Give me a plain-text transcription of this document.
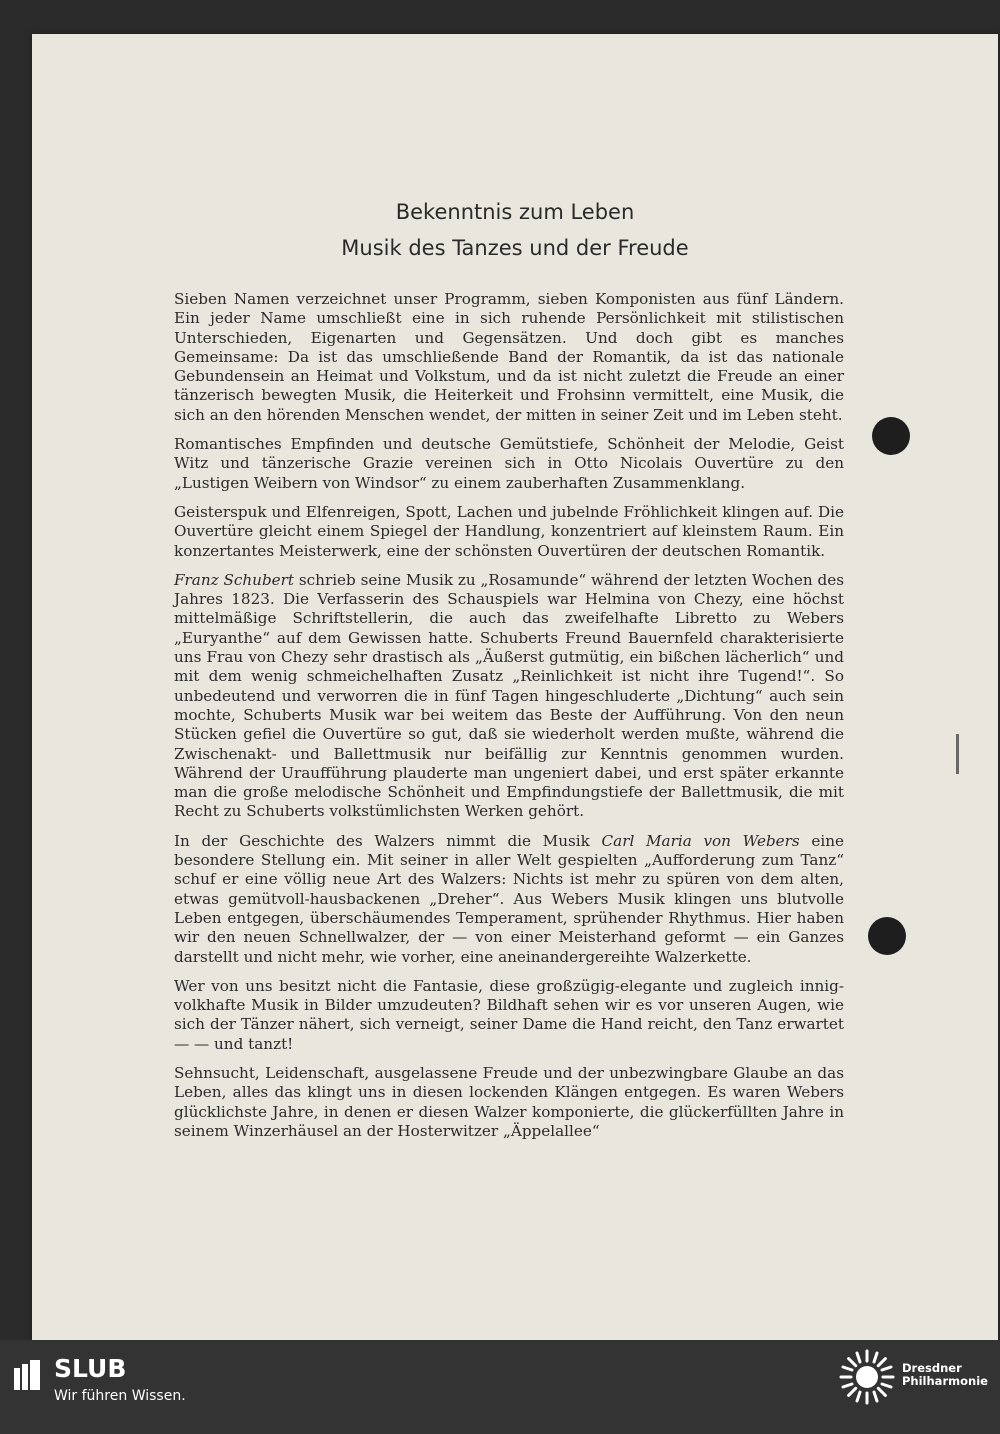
Bekenntnis zum Leben
Musik des Tanzes und der Freude

Sieben Namen verzeichnet unser Programm, sieben Komponisten aus fünf Ländern. Ein jeder Name umschließt eine in sich ruhende Persönlichkeit mit stilistischen Unterschieden, Eigenarten und Gegensätzen. Und doch gibt es manches Gemeinsame: Da ist das umschließende Band der Romantik, da ist das nationale Gebundensein an Heimat und Volkstum, und da ist nicht zuletzt die Freude an einer tänzerisch bewegten Musik, die Heiterkeit und Frohsinn vermittelt, eine Musik, die sich an den hörenden Menschen wendet, der mitten in seiner Zeit und im Leben steht.

Romantisches Empfinden und deutsche Gemütstiefe, Schönheit der Melodie, Geist Witz und tänzerische Grazie vereinen sich in Otto Nicolais Ouvertüre zu den „Lustigen Weibern von Windsor“ zu einem zauberhaften Zusammenklang.

Geisterspuk und Elfenreigen, Spott, Lachen und jubelnde Fröhlichkeit klingen auf. Die Ouvertüre gleicht einem Spiegel der Handlung, konzentriert auf kleinstem Raum. Ein konzertantes Meisterwerk, eine der schönsten Ouvertüren der deutschen Romantik.

Franz Schubert schrieb seine Musik zu „Rosamunde“ während der letzten Wochen des Jahres 1823. Die Verfasserin des Schauspiels war Helmina von Chezy, eine höchst mittelmäßige Schriftstellerin, die auch das zweifelhafte Libretto zu Webers „Euryanthe“ auf dem Gewissen hatte. Schuberts Freund Bauernfeld charakterisierte uns Frau von Chezy sehr drastisch als „Äußerst gutmütig, ein bißchen lächerlich“ und mit dem wenig schmeichelhaften Zusatz „Reinlichkeit ist nicht ihre Tugend!“. So unbedeutend und verworren die in fünf Tagen hingeschluderte „Dichtung“ auch sein mochte, Schuberts Musik war bei weitem das Beste der Aufführung. Von den neun Stücken gefiel die Ouvertüre so gut, daß sie wiederholt werden mußte, während die Zwischenakt- und Ballettmusik nur beifällig zur Kenntnis genommen wurden. Während der Uraufführung plauderte man ungeniert dabei, und erst später erkannte man die große melodische Schönheit und Empfindungstiefe der Ballettmusik, die mit Recht zu Schuberts volkstümlichsten Werken gehört.

In der Geschichte des Walzers nimmt die Musik Carl Maria von Webers eine besondere Stellung ein. Mit seiner in aller Welt gespielten „Aufforderung zum Tanz“ schuf er eine völlig neue Art des Walzers: Nichts ist mehr zu spüren von dem alten, etwas gemütvoll-hausbackenen „Dreher“. Aus Webers Musik klingen uns blutvolle Leben entgegen, überschäumendes Temperament, sprühender Rhythmus. Hier haben wir den neuen Schnellwalzer, der — von einer Meisterhand geformt — ein Ganzes darstellt und nicht mehr, wie vorher, eine aneinandergereihte Walzerkette.

Wer von uns besitzt nicht die Fantasie, diese großzügig-elegante und zugleich innig-volkhafte Musik in Bilder umzudeuten? Bildhaft sehen wir es vor unseren Augen, wie sich der Tänzer nähert, sich verneigt, seiner Dame die Hand reicht, den Tanz erwartet — — und tanzt!

Sehnsucht, Leidenschaft, ausgelassene Freude und der unbezwingbare Glaube an das Leben, alles das klingt uns in diesen lockenden Klängen entgegen. Es waren Webers glücklichste Jahre, in denen er diesen Walzer komponierte, die glückerfüllten Jahre in seinem Winzerhäusel an der Hosterwitzer „Äppelallee“

SLUB
Wir führen Wissen.
Dresdner
Philharmonie
